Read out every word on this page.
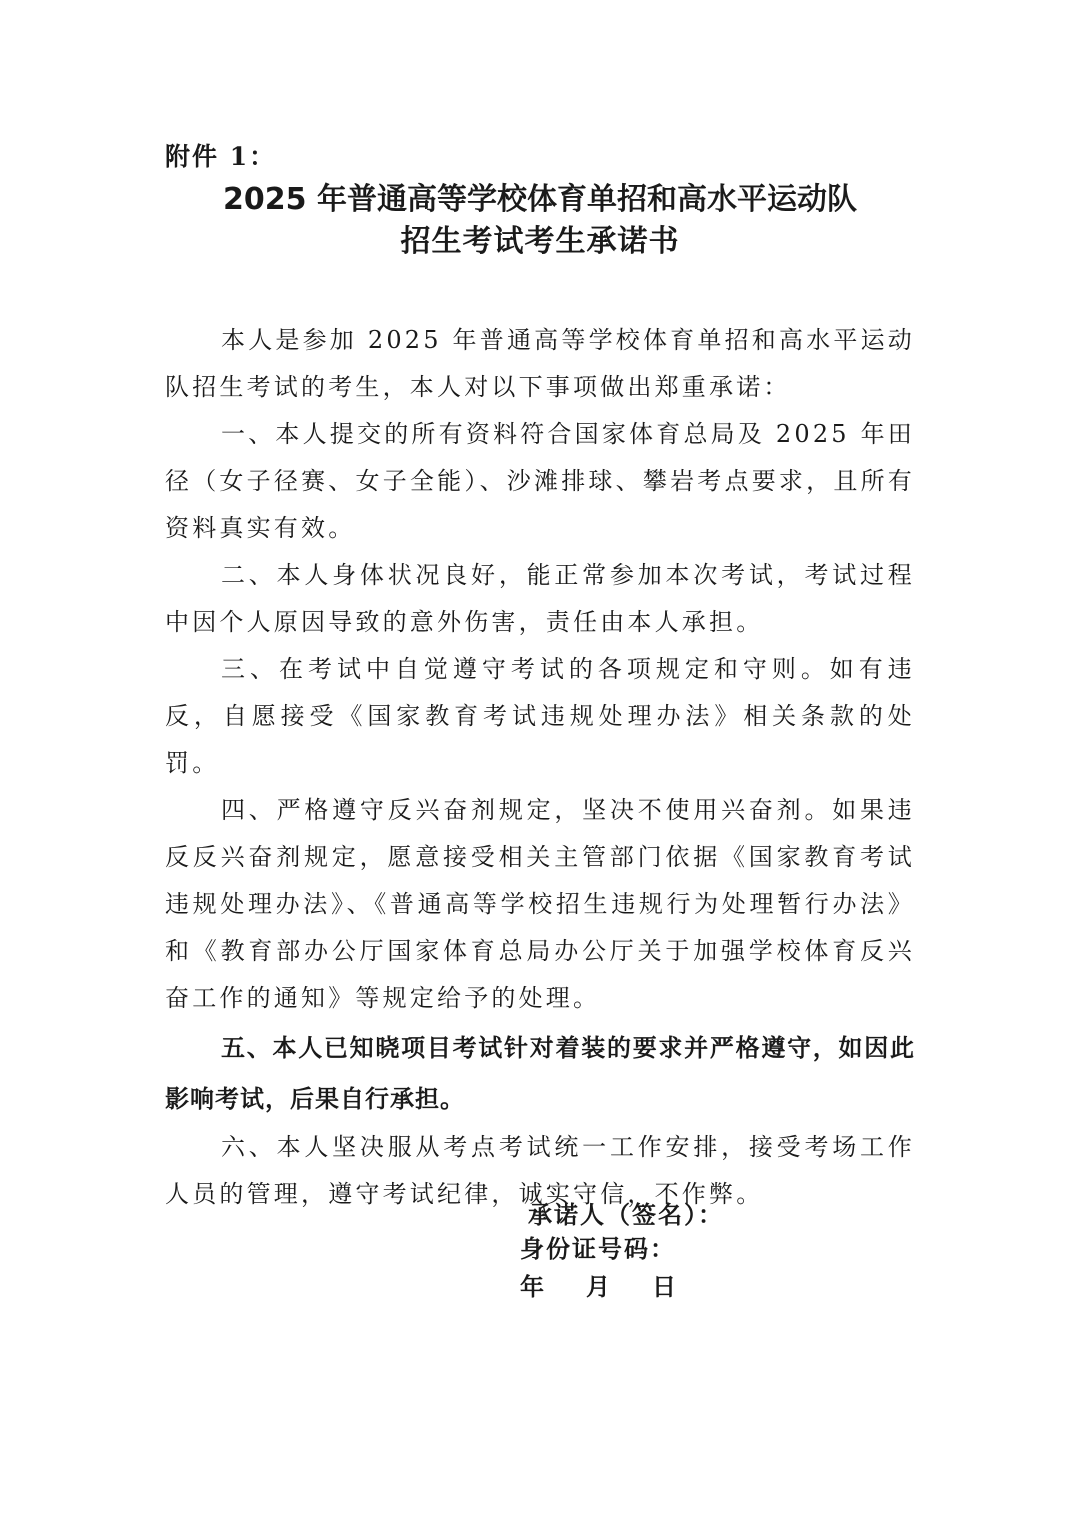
附件 1：
2025 年普通高等学校体育单招和高水平运动队
招生考试考生承诺书

本人是参加 2025 年普通高等学校体育单招和高水平运动队招生考试的考生，本人对以下事项做出郑重承诺：

一、本人提交的所有资料符合国家体育总局及 2025 年田径（女子径赛、女子全能）、沙滩排球、攀岩考点要求，且所有资料真实有效。

二、本人身体状况良好，能正常参加本次考试，考试过程中因个人原因导致的意外伤害，责任由本人承担。

三、在考试中自觉遵守考试的各项规定和守则。如有违反，自愿接受《国家教育考试违规处理办法》相关条款的处罚。

四、严格遵守反兴奋剂规定，坚决不使用兴奋剂。如果违反反兴奋剂规定，愿意接受相关主管部门依据《国家教育考试违规处理办法》、《普通高等学校招生违规行为处理暂行办法》和《教育部办公厅国家体育总局办公厅关于加强学校体育反兴奋工作的通知》等规定给予的处理。

五、本人已知晓项目考试针对着装的要求并严格遵守，如因此影响考试，后果自行承担。

六、本人坚决服从考点考试统一工作安排，接受考场工作人员的管理，遵守考试纪律，诚实守信，不作弊。

承诺人（签名）：
身份证号码：
年 月 日
